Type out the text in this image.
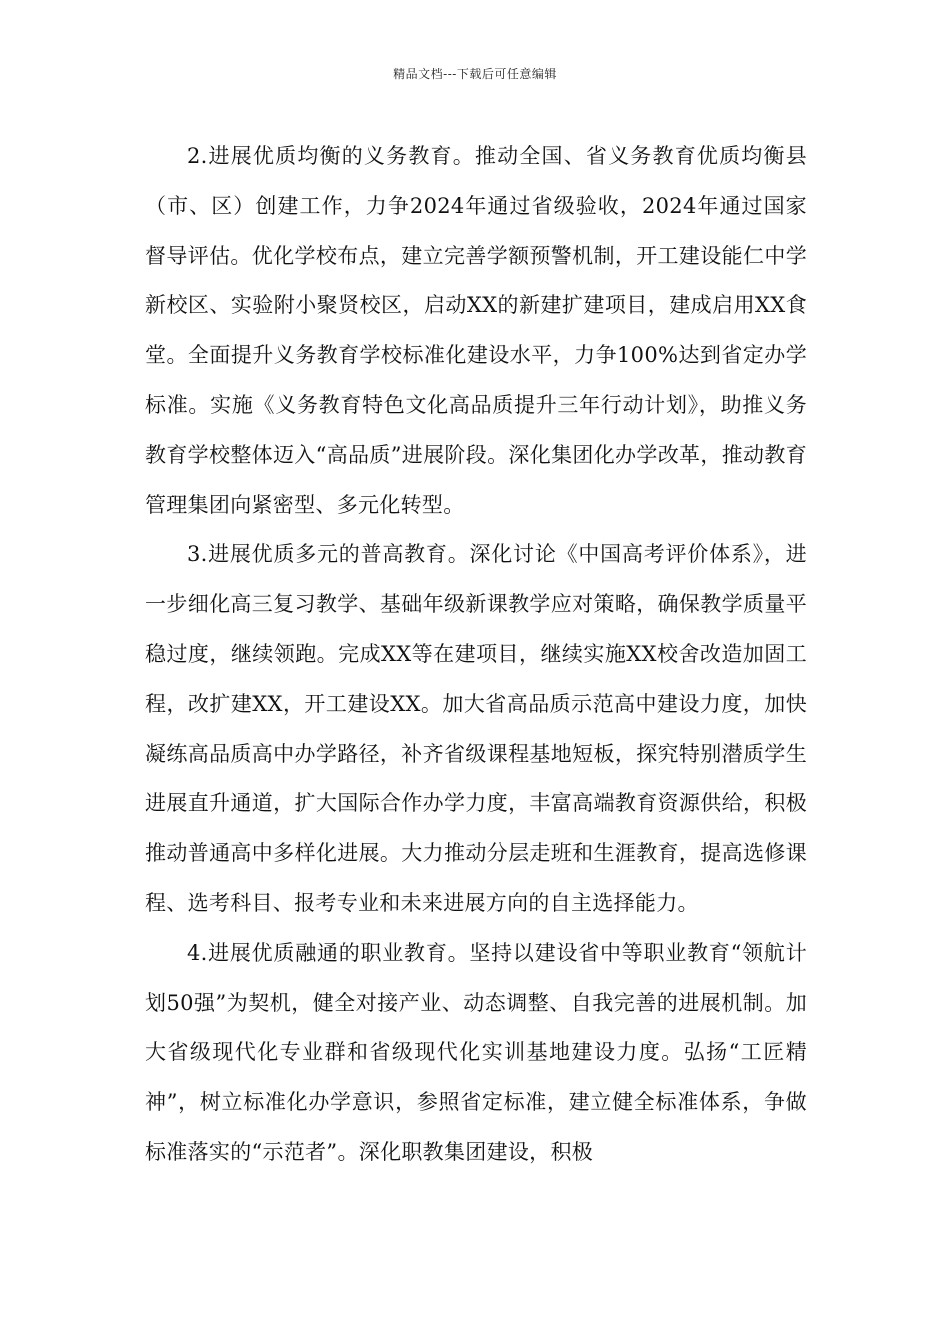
精品文档---下载后可任意编辑

2.进展优质均衡的义务教育。推动全国、省义务教育优质均衡县（市、区）创建工作，力争2024年通过省级验收，2024年通过国家督导评估。优化学校布点，建立完善学额预警机制，开工建设能仁中学新校区、实验附小聚贤校区，启动XX的新建扩建项目，建成启用XX食堂。全面提升义务教育学校标准化建设水平，力争100%达到省定办学标准。实施《义务教育特色文化高品质提升三年行动计划》，助推义务教育学校整体迈入“高品质”进展阶段。深化集团化办学改革，推动教育管理集团向紧密型、多元化转型。

3.进展优质多元的普高教育。深化讨论《中国高考评价体系》，进一步细化高三复习教学、基础年级新课教学应对策略，确保教学质量平稳过度，继续领跑。完成XX等在建项目，继续实施XX校舍改造加固工程，改扩建XX，开工建设XX。加大省高品质示范高中建设力度，加快凝练高品质高中办学路径，补齐省级课程基地短板，探究特别潜质学生进展直升通道，扩大国际合作办学力度，丰富高端教育资源供给，积极推动普通高中多样化进展。大力推动分层走班和生涯教育，提高选修课程、选考科目、报考专业和未来进展方向的自主选择能力。

4.进展优质融通的职业教育。坚持以建设省中等职业教育“领航计划50强”为契机，健全对接产业、动态调整、自我完善的进展机制。加大省级现代化专业群和省级现代化实训基地建设力度。弘扬“工匠精神”，树立标准化办学意识，参照省定标准，建立健全标准体系，争做标准落实的“示范者”。深化职教集团建设，积极
